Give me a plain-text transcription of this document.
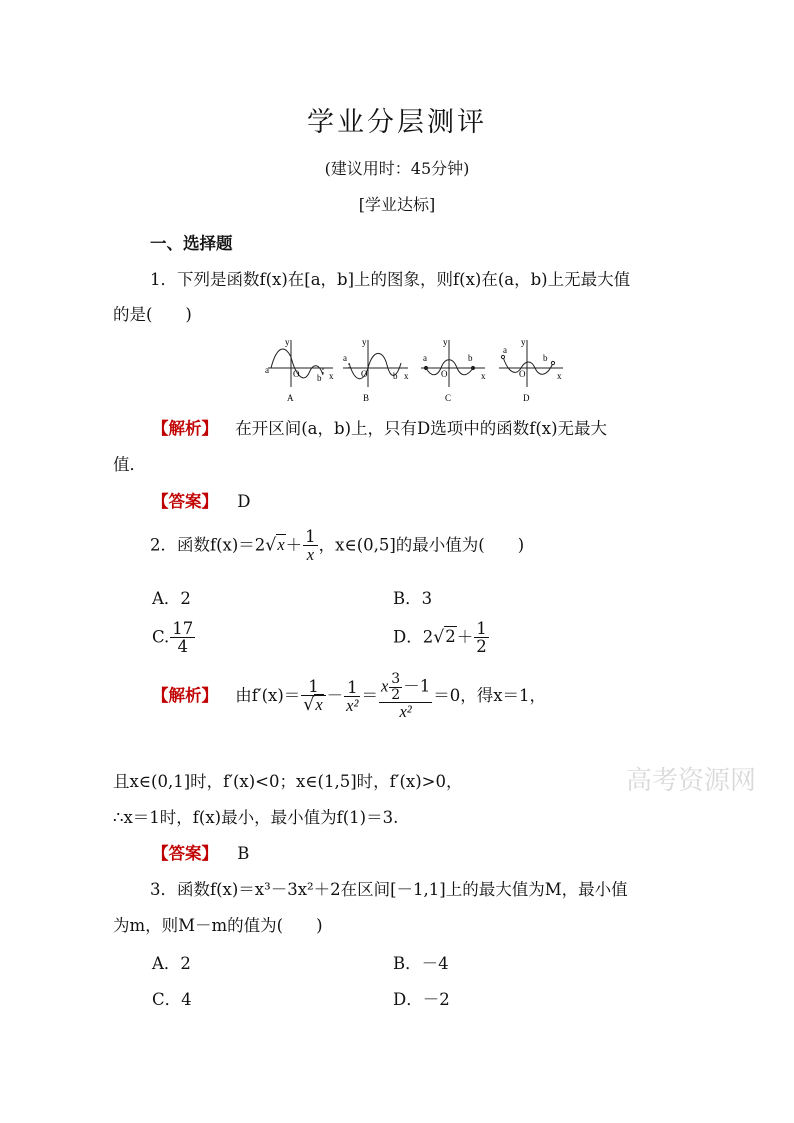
学业分层测评
(建议用时：45分钟)
[学业达标]
一、选择题
1．下列是函数f(x)在[a，b]上的图象，则f(x)在(a，b)上无最大值
的是(　　)
a
b
O	x
y
A
a
b
O	x
y
B
a	b
O	x
y
C
a
b
O	x
y
D
【解析】 在开区间(a，b)上，只有D选项中的函数f(x)无最大
值．
【答案】 D
2．函数$f(x)=2√x+ \frac{1}{x}$ ，x∈(0,5]的最小值为(　　)
A．2	B．3
C. $\frac{17}{4}$	D．$2√2+ \frac{1}{2}$
【解析】 由$f'(x)= \frac{1}{√x} - \frac{1}{\text{x²}} = \frac{x \frac{3}{2} -1}{\text{x²}} =0$，得x＝1，
且x∈(0,1]时，f′(x)<0；x∈(1,5]时，f′(x)>0，	高考资源网
∴x＝1时，f(x)最小，最小值为f(1)＝3.
【答案】 B
3．函数f(x)＝x³－3x²＋2在区间[－1,1]上的最大值为M，最小值
为m，则M－m的值为(　　)
A．2	B．－4
C．4	D．－2
